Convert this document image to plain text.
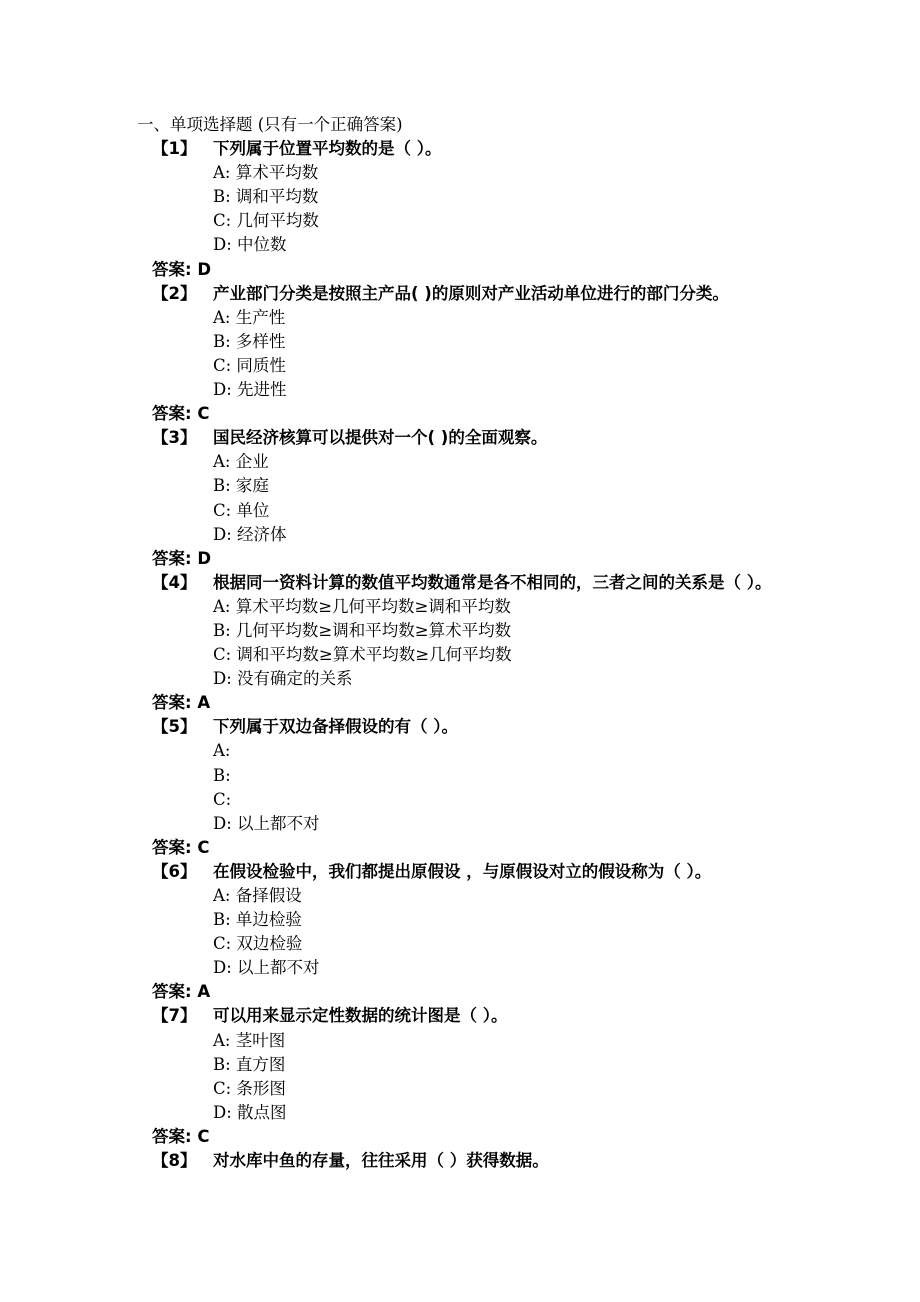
一、单项选择题 (只有一个正确答案)
【1】 下列属于位置平均数的是（ ）。
A: 算术平均数
B: 调和平均数
C: 几何平均数
D: 中位数
答案: D
【2】 产业部门分类是按照主产品( )的原则对产业活动单位进行的部门分类。
A: 生产性
B: 多样性
C: 同质性
D: 先进性
答案: C
【3】 国民经济核算可以提供对一个( )的全面观察。
A: 企业
B: 家庭
C: 单位
D: 经济体
答案: D
【4】 根据同一资料计算的数值平均数通常是各不相同的，三者之间的关系是（ ）。
A: 算术平均数≥几何平均数≥调和平均数
B: 几何平均数≥调和平均数≥算术平均数
C: 调和平均数≥算术平均数≥几何平均数
D: 没有确定的关系
答案: A
【5】 下列属于双边备择假设的有（ ）。
A:
B:
C:
D: 以上都不对
答案: C
【6】 在假设检验中，我们都提出原假设 ，与原假设对立的假设称为（ ）。
A: 备择假设
B: 单边检验
C: 双边检验
D: 以上都不对
答案: A
【7】 可以用来显示定性数据的统计图是（ ）。
A: 茎叶图
B: 直方图
C: 条形图
D: 散点图
答案: C
【8】 对水库中鱼的存量，往往采用（ ）获得数据。
